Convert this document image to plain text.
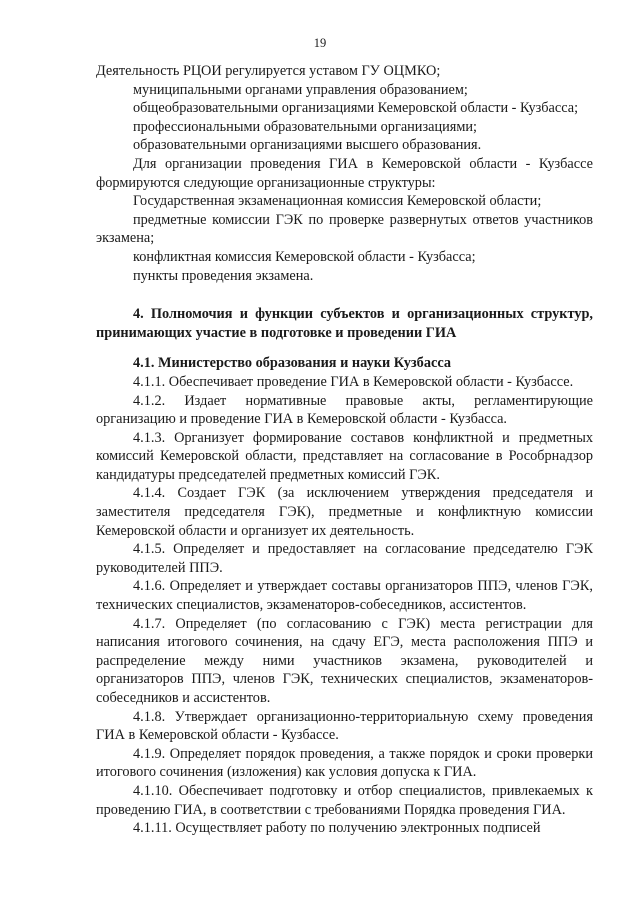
19

Деятельность РЦОИ регулируется уставом ГУ ОЦМКО;

муниципальными органами управления образованием;

общеобразовательными организациями Кемеровской области - Кузбасса;

профессиональными образовательными организациями;

образовательными организациями высшего образования.

Для организации проведения ГИА в Кемеровской области - Кузбассе формируются следующие организационные структуры:

Государственная экзаменационная комиссия Кемеровской области;

предметные комиссии ГЭК по проверке развернутых ответов участников экзамена;

конфликтная комиссия Кемеровской области - Кузбасса;

пункты проведения экзамена.

4. Полномочия и функции субъектов и организационных структур, принимающих участие в подготовке и проведении ГИА

4.1. Министерство образования и науки Кузбасса

4.1.1. Обеспечивает проведение ГИА в Кемеровской области - Кузбассе.

4.1.2. Издает нормативные правовые акты, регламентирующие организацию и проведение ГИА в Кемеровской области - Кузбасса.

4.1.3. Организует формирование составов конфликтной и предметных комиссий Кемеровской области, представляет на согласование в Рособрнадзор кандидатуры председателей предметных комиссий ГЭК.

4.1.4. Создает ГЭК (за исключением утверждения председателя и заместителя председателя ГЭК), предметные и конфликтную комиссии Кемеровской области и организует их деятельность.

4.1.5. Определяет и предоставляет на согласование председателю ГЭК руководителей ППЭ.

4.1.6. Определяет и утверждает составы организаторов ППЭ, членов ГЭК, технических специалистов, экзаменаторов-собеседников, ассистентов.

4.1.7. Определяет (по согласованию с ГЭК) места регистрации для написания итогового сочинения, на сдачу ЕГЭ, места расположения ППЭ и распределение между ними участников экзамена, руководителей и организаторов ППЭ, членов ГЭК, технических специалистов, экзаменаторов-собеседников и ассистентов.

4.1.8. Утверждает организационно-территориальную схему проведения ГИА в Кемеровской области - Кузбассе.

4.1.9. Определяет порядок проведения, а также порядок и сроки проверки итогового сочинения (изложения) как условия допуска к ГИА.

4.1.10. Обеспечивает подготовку и отбор специалистов, привлекаемых к проведению ГИА, в соответствии с требованиями Порядка проведения ГИА.

4.1.11. Осуществляет работу по получению электронных подписей
